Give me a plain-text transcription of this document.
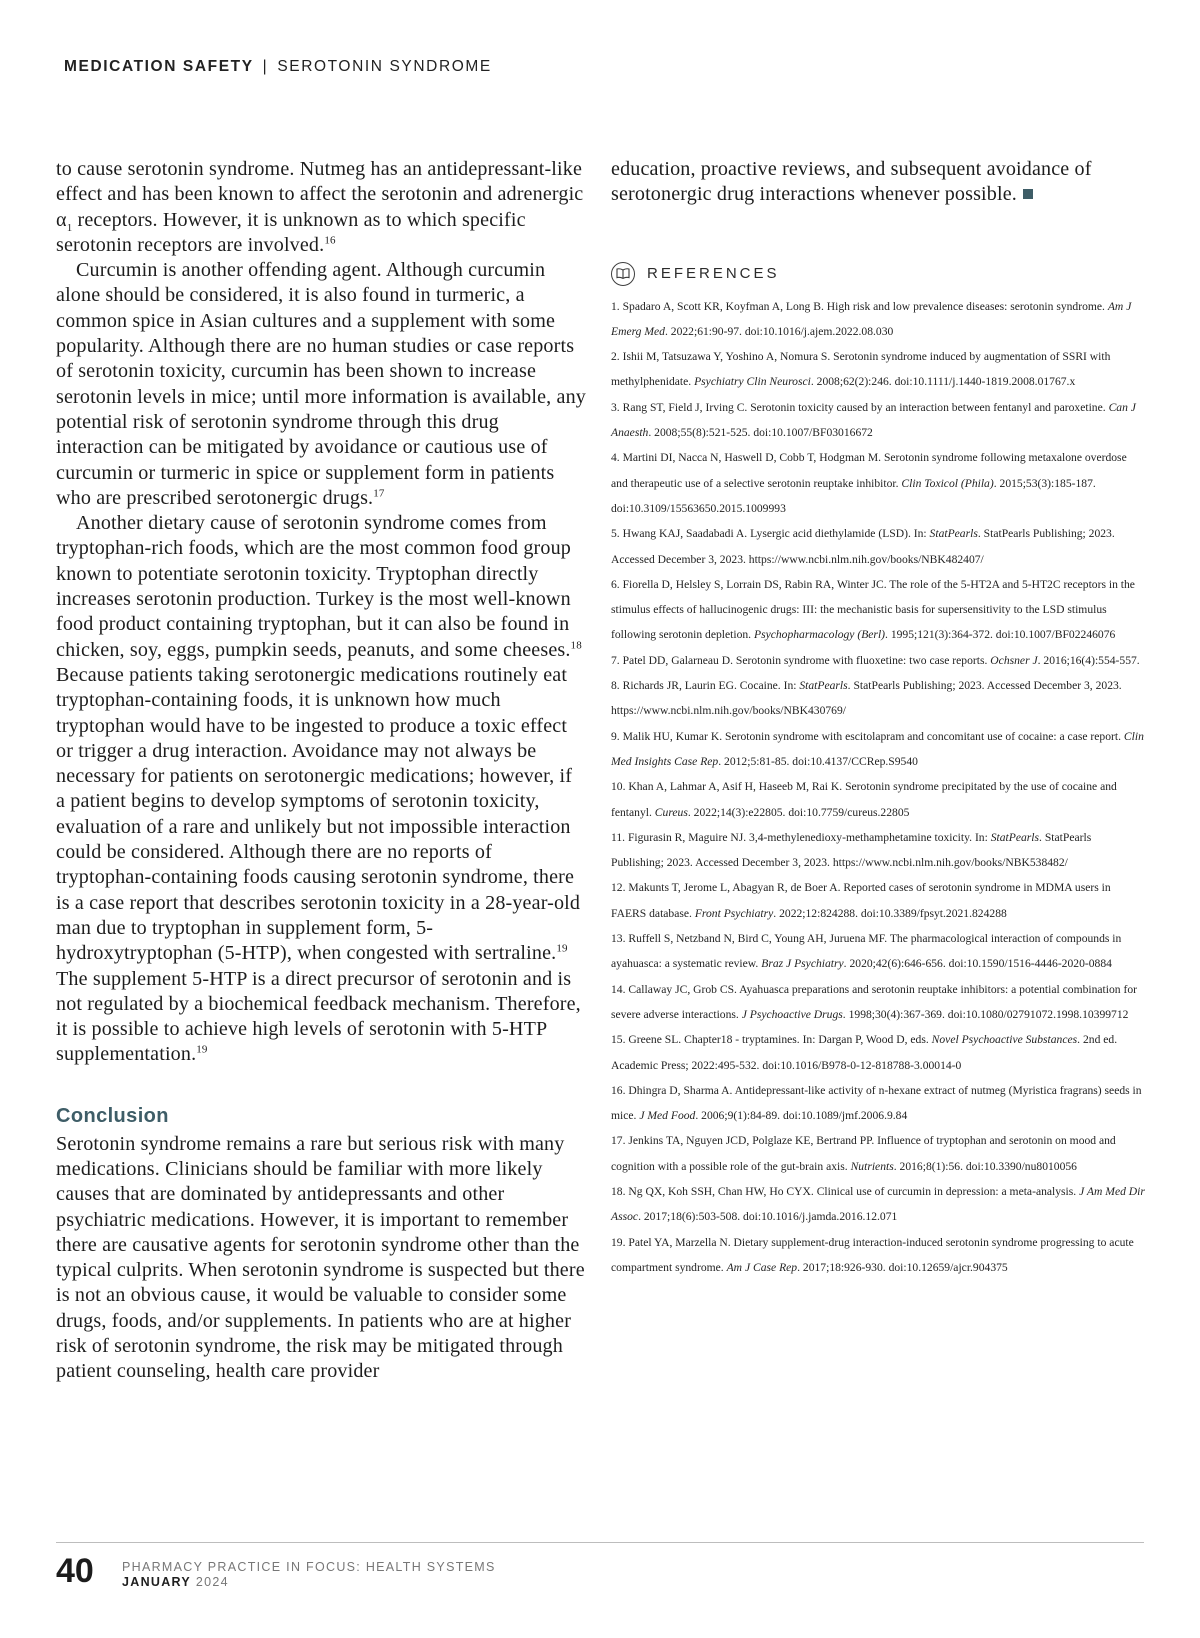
MEDICATION SAFETY | SEROTONIN SYNDROME

to cause serotonin syndrome. Nutmeg has an antidepressant-like effect and has been known to affect the serotonin and adrenergic $\alpha_1$ receptors. However, it is unknown as to which specific serotonin receptors are involved.$^{16}$

Curcumin is another offending agent. Although curcumin alone should be considered, it is also found in turmeric, a common spice in Asian cultures and a supplement with some popularity. Although there are no human studies or case reports of serotonin toxicity, curcumin has been shown to increase serotonin levels in mice; until more information is available, any potential risk of serotonin syndrome through this drug interaction can be mitigated by avoidance or cautious use of curcumin or turmeric in spice or supplement form in patients who are prescribed serotonergic drugs.$^{17}$

Another dietary cause of serotonin syndrome comes from tryptophan-rich foods, which are the most common food group known to potentiate serotonin toxicity. Tryptophan directly increases serotonin production. Turkey is the most well-known food product containing tryptophan, but it can also be found in chicken, soy, eggs, pumpkin seeds, peanuts, and some cheeses.$^{18}$ Because patients taking serotonergic medications routinely eat tryptophan-containing foods, it is unknown how much tryptophan would have to be ingested to produce a toxic effect or trigger a drug interaction. Avoidance may not always be necessary for patients on serotonergic medications; however, if a patient begins to develop symptoms of serotonin toxicity, evaluation of a rare and unlikely but not impossible interaction could be considered. Although there are no reports of tryptophan-containing foods causing serotonin syndrome, there is a case report that describes serotonin toxicity in a 28-year-old man due to tryptophan in supplement form, 5-hydroxytryptophan (5-HTP), when congested with sertraline.$^{19}$ The supplement 5-HTP is a direct precursor of serotonin and is not regulated by a biochemical feedback mechanism. Therefore, it is possible to achieve high levels of serotonin with 5-HTP supplementation.$^{19}$

Conclusion

Serotonin syndrome remains a rare but serious risk with many medications. Clinicians should be familiar with more likely causes that are dominated by antidepressants and other psychiatric medications. However, it is important to remember there are causative agents for serotonin syndrome other than the typical culprits. When serotonin syndrome is suspected but there is not an obvious cause, it would be valuable to consider some drugs, foods, and/or supplements. In patients who are at higher risk of serotonin syndrome, the risk may be mitigated through patient counseling, health care provider

education, proactive reviews, and subsequent avoidance of serotonergic drug interactions whenever possible.

REFERENCES
1. Spadaro A, Scott KR, Koyfman A, Long B. High risk and low prevalence diseases: serotonin syndrome. Am J Emerg Med. 2022;61:90-97. doi:10.1016/j.ajem.2022.08.030
2. Ishii M, Tatsuzawa Y, Yoshino A, Nomura S. Serotonin syndrome induced by augmentation of SSRI with methylphenidate. Psychiatry Clin Neurosci. 2008;62(2):246. doi:10.1111/j.1440-1819.2008.01767.x
3. Rang ST, Field J, Irving C. Serotonin toxicity caused by an interaction between fentanyl and paroxetine. Can J Anaesth. 2008;55(8):521-525. doi:10.1007/BF03016672
4. Martini DI, Nacca N, Haswell D, Cobb T, Hodgman M. Serotonin syndrome following metaxalone overdose and therapeutic use of a selective serotonin reuptake inhibitor. Clin Toxicol (Phila). 2015;53(3):185-187. doi:10.3109/15563650.2015.1009993
5. Hwang KAJ, Saadabadi A. Lysergic acid diethylamide (LSD). In: StatPearls. StatPearls Publishing; 2023. Accessed December 3, 2023. https://www.ncbi.nlm.nih.gov/books/NBK482407/
6. Fiorella D, Helsley S, Lorrain DS, Rabin RA, Winter JC. The role of the 5-HT2A and 5-HT2C receptors in the stimulus effects of hallucinogenic drugs: III: the mechanistic basis for supersensitivity to the LSD stimulus following serotonin depletion. Psychopharmacology (Berl). 1995;121(3):364-372. doi:10.1007/BF02246076
7. Patel DD, Galarneau D. Serotonin syndrome with fluoxetine: two case reports. Ochsner J. 2016;16(4):554-557.
8. Richards JR, Laurin EG. Cocaine. In: StatPearls. StatPearls Publishing; 2023. Accessed December 3, 2023. https://www.ncbi.nlm.nih.gov/books/NBK430769/
9. Malik HU, Kumar K. Serotonin syndrome with escitolapram and concomitant use of cocaine: a case report. Clin Med Insights Case Rep. 2012;5:81-85. doi:10.4137/CCRep.S9540
10. Khan A, Lahmar A, Asif H, Haseeb M, Rai K. Serotonin syndrome precipitated by the use of cocaine and fentanyl. Cureus. 2022;14(3):e22805. doi:10.7759/cureus.22805
11. Figurasin R, Maguire NJ. 3,4-methylenedioxy-methamphetamine toxicity. In: StatPearls. StatPearls Publishing; 2023. Accessed December 3, 2023. https://www.ncbi.nlm.nih.gov/books/NBK538482/
12. Makunts T, Jerome L, Abagyan R, de Boer A. Reported cases of serotonin syndrome in MDMA users in FAERS database. Front Psychiatry. 2022;12:824288. doi:10.3389/fpsyt.2021.824288
13. Ruffell S, Netzband N, Bird C, Young AH, Juruena MF. The pharmacological interaction of compounds in ayahuasca: a systematic review. Braz J Psychiatry. 2020;42(6):646-656. doi:10.1590/1516-4446-2020-0884
14. Callaway JC, Grob CS. Ayahuasca preparations and serotonin reuptake inhibitors: a potential combination for severe adverse interactions. J Psychoactive Drugs. 1998;30(4):367-369. doi:10.1080/02791072.1998.10399712
15. Greene SL. Chapter18 - tryptamines. In: Dargan P, Wood D, eds. Novel Psychoactive Substances. 2nd ed. Academic Press; 2022:495-532. doi:10.1016/B978-0-12-818788-3.00014-0
16. Dhingra D, Sharma A. Antidepressant-like activity of n-hexane extract of nutmeg (Myristica fragrans) seeds in mice. J Med Food. 2006;9(1):84-89. doi:10.1089/jmf.2006.9.84
17. Jenkins TA, Nguyen JCD, Polglaze KE, Bertrand PP. Influence of tryptophan and serotonin on mood and cognition with a possible role of the gut-brain axis. Nutrients. 2016;8(1):56. doi:10.3390/nu8010056
18. Ng QX, Koh SSH, Chan HW, Ho CYX. Clinical use of curcumin in depression: a meta-analysis. J Am Med Dir Assoc. 2017;18(6):503-508. doi:10.1016/j.jamda.2016.12.071
19. Patel YA, Marzella N. Dietary supplement-drug interaction-induced serotonin syndrome progressing to acute compartment syndrome. Am J Case Rep. 2017;18:926-930. doi:10.12659/ajcr.904375
40 PHARMACY PRACTICE IN FOCUS: HEALTH SYSTEMS
JANUARY 2024
